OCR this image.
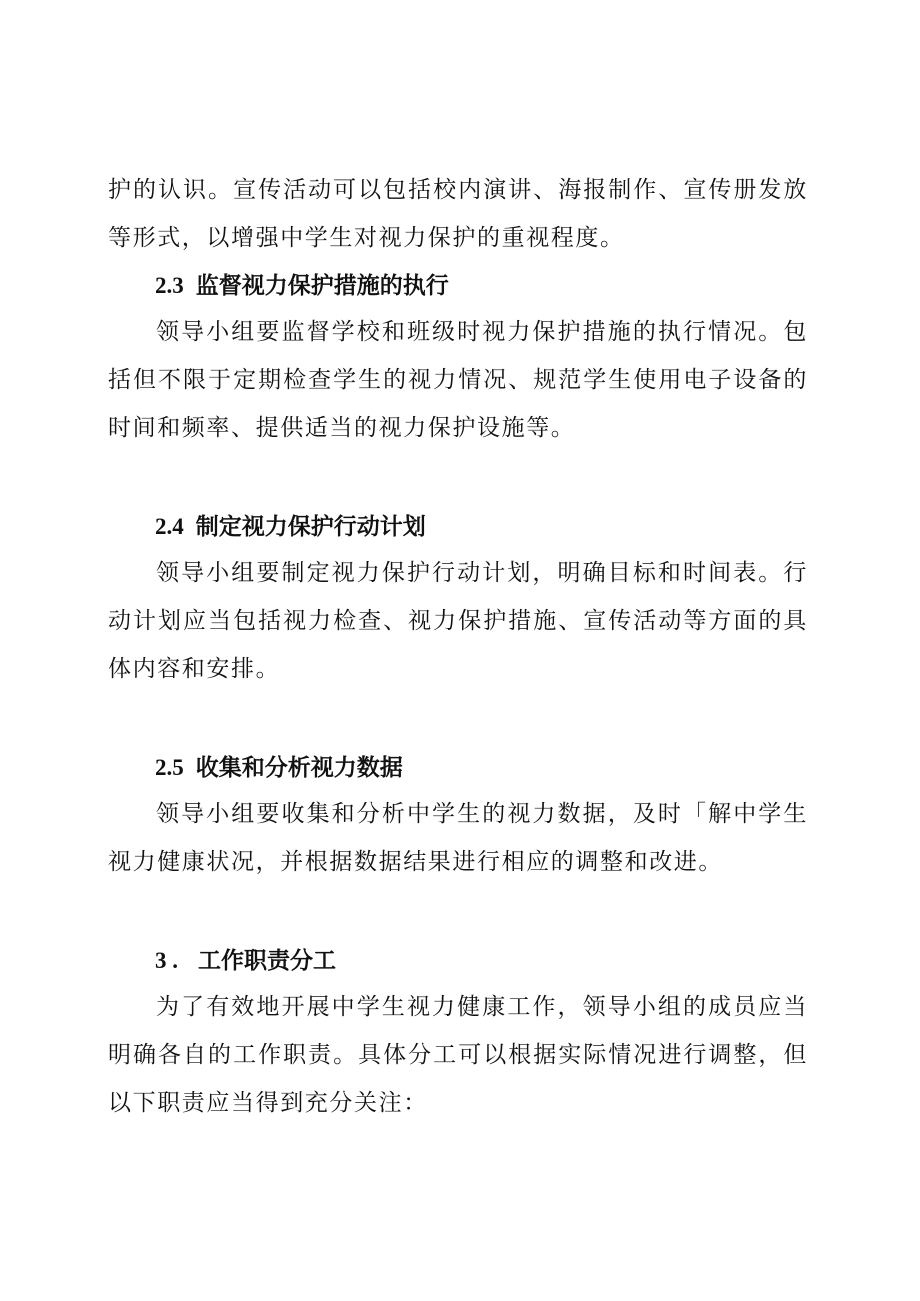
护的认识。宣传活动可以包括校内演讲、海报制作、宣传册发放等形式，以增强中学生对视力保护的重视程度。

2.3 监督视力保护措施的执行

领导小组要监督学校和班级时视力保护措施的执行情况。包括但不限于定期检查学生的视力情况、规范学生使用电子设备的时间和频率、提供适当的视力保护设施等。

2.4 制定视力保护行动计划

领导小组要制定视力保护行动计划，明确目标和时间表。行动计划应当包括视力检查、视力保护措施、宣传活动等方面的具体内容和安排。

2.5 收集和分析视力数据

领导小组要收集和分析中学生的视力数据，及时「解中学生视力健康状况，并根据数据结果进行相应的调整和改进。

3 . 工作职责分工

为了有效地开展中学生视力健康工作，领导小组的成员应当明确各自的工作职责。具体分工可以根据实际情况进行调整，但以下职责应当得到充分关注：
